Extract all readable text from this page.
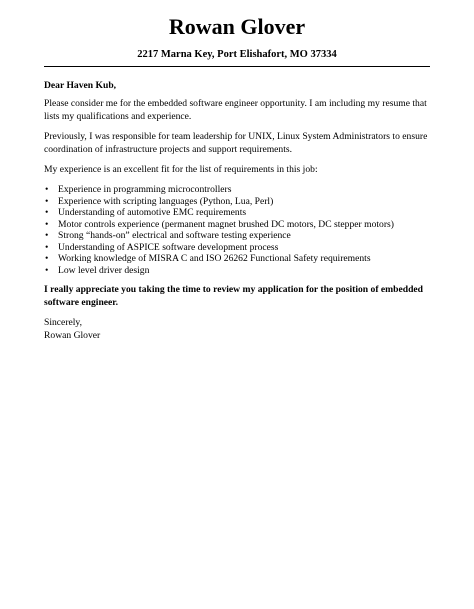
Rowan Glover
2217 Marna Key, Port Elishafort, MO 37334

Dear Haven Kub,

Please consider me for the embedded software engineer opportunity. I am including my resume that lists my qualifications and experience.

Previously, I was responsible for team leadership for UNIX, Linux System Administrators to ensure coordination of infrastructure projects and support requirements.

My experience is an excellent fit for the list of requirements in this job:

• Experience in programming microcontrollers
• Experience with scripting languages (Python, Lua, Perl)
• Understanding of automotive EMC requirements
• Motor controls experience (permanent magnet brushed DC motors, DC stepper motors)
• Strong “hands-on” electrical and software testing experience
• Understanding of ASPICE software development process
• Working knowledge of MISRA C and ISO 26262 Functional Safety requirements
• Low level driver design

I really appreciate you taking the time to review my application for the position of embedded software engineer.

Sincerely,

Rowan Glover
